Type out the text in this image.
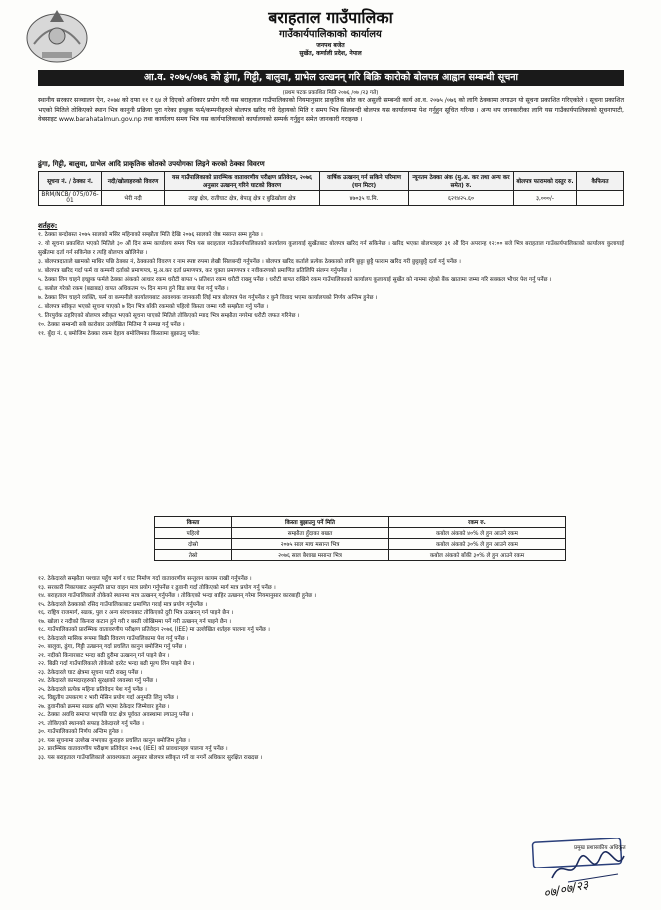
बराहताल गाउँपालिका
गाउँकार्यपालिकाको कार्यालय
जनपथ बजेत
सुर्खेत, कर्णाली प्रदेश, नेपाल
आ.व. २०७५/०७६ को ढुंगा, गिट्टी, बालुवा, ग्राभेल उत्खनन् गरि बिक्रि कारोको बोलपत्र आह्वान सम्बन्धी सूचना
(प्रथम पटक प्रकाशित मिति २०७६ /०७ /२३ गते)
स्थानीय सरकार सञ्चालन ऐन, २०७४ को दफा ११ र ६४ ले दिएको अधिकार प्रयोग गरी यस बराहताल गाउँपालिकाको नियमानुसार प्राकृतिक स्रोत कर असुली सम्बन्धी कार्य आ.व. २०७५ /०७६ को लागि ठेक्कामा लगाउन यो सूचना प्रकाशित गरिएकोले । सूचना प्रकाशित भएको मितिले तोकिएको स्थान भित्र कानुनी प्रक्रिया पुरा गरेका इच्छुक फर्म/कम्पनीहरुले बोलपत्र खरिद गरी देहायको मिति र समय भित्र सिलबन्दी बोलपत्र यस कार्यालयमा पेश गर्नुहुन सूचित गरिन्छ । अन्य थप जानकारीका लागि यस गाउँकार्यपालिकाको सूचनापाटी, वेबसाइट www.barahatalmun.gov.np तथा कार्यालय समय भित्र यस कार्यपालिकाको कार्यालयको सम्पर्क गर्नुहुन समेत जानकारी गराइन्छ ।
ढुंगा, गिट्टी, बालुवा, ग्राभेल आदि प्राकृतिक स्रोतको उपयोगका लिइने करको ठेक्का विवरण
सूचना नं. / ठेक्का नं.	नदी/खोलाहरुको विवरण	यस गाउँपालिकाको प्रारम्भिक वातावरणीय परीक्षण प्रतिवेदन, २०७६ अनुसार उत्खनन् गरिने घाटको विवरण	वार्षिक उत्खनन् गर्न सकिने परिमाण (घन मिटर)	न्यूनतम ठेक्का अंक (मु.अ. कर तथा अन्य कर समेत) रु.	बोलपत्र फारामको दस्तुर रु.	कैफियत
BRM/NCB/ 075/076-01	भेरी नदी	तरङ्ग क्षेत्र, रातीघाट क्षेत्र, बेपाड् क्षेत्र र बुढिखोला क्षेत्र	४७०३५ घ.मि.	६२१४२५.६०	३,०००/-	
शर्तहरु:
१. ठेक्का बन्दोबस्त २०७५ सालको मसिर महिनाको सम्झौता मिति देखि २०७६ सालको जेष्ठ मसान्त सम्म हुनेछ ।
२. यो सूचना प्रकाशित भएको मितिले ३० औं दिन सम्म कार्यालय समय भित्र यस बराहताल गाउँकार्यपालिकाको कार्यालय कुलायाई सुर्खेतबाट बोलपत्र खरिद गर्न सकिनेछ । खरिद भएका बोलपत्रहरु ३१ औं दिन अपरान्ह १२:०० बजे भित्र बराहताल गाउँकार्यपालिकाको कार्यालय कुलायाई सुर्खेतमा दर्ता गर्न सकिनेछ र त्यहि बोलपत्र खोलिनेछ ।
३. बोलपत्रदाताले खामको माथिर पछि ठेक्का नं, ठेक्काको विवरण र नाम स्पष्ट रुपमा लेखी सिलबन्दी गर्नुपर्नेछ । बोलपत्र खरिद कर्ताले प्रत्येक ठेक्काको लागि छुट्टा छुट्टै फाराम खरिद गरी छुट्टाछुट्टै दर्ता गर्नु पर्नेछ ।
४. बोलपत्र खरिद गर्दा फर्म वा कम्पनी दर्ताको प्रमाणपत्र, मु.अ.कर दर्ता प्रमाणपत्र, कर चुक्ता प्रमाणपत्र र नवीकरणको प्रमाणित प्रतिलिपि संलग्न गर्नुपर्नेछ ।
५. ठेक्का लिन चाहने इच्छुक फर्मले ठेक्का अंकको आधार रकम धरौटी बापत ५ प्रतिशत रकम धरौटी राख्नु पर्नेछ । धरौटी बापत राखिने रकम गाउँपालिकाको कार्यालय कुलायाई सुर्खेत को नाममा रहेको बैंक खातामा जम्मा गरि सक्कल भौचर पेश गर्नु पर्नेछ ।
६. कबोल गरेको रकम (बढाबढ) वापत अधिकतम ९५ दिन मान्य हुने बिड बण्ड पेश गर्नु पर्नेछ ।
७. ठेक्का लिन चाहने व्यक्ति, फर्म वा कम्पनीले कार्यालयबाट आवश्यक जानकारी लिई मात्र बोलपत्र पेश गर्नुपर्नेछ र कुनै विवाद भएमा कार्यालयको निर्णय अन्तिम हुनेछ ।
८. बोलपत्र स्वीकृत भएको सूचना पाएको ७ दिन भित्र बाँकी रकमको पहिलो किस्ता जम्मा गरी सम्झौता गर्नु पर्नेछ ।
९. तिरपुर्वक ठहरिएको बोलपत्र स्वीकृत भएको सूचना पाएको मितिले तोकिएको म्याद भित्र सम्झौता नगरेमा धरौटी जफत गरिनेछ ।
१०. ठेक्का सम्बन्धी सबै कारोबार उल्लेखित मितिमा नै सम्पन्न गर्नु पर्नेछ ।
११. बुँदा नं. ६ बमोजिम ठेक्का रकम देहाय बमोजिमका किस्तामा बुझाउनु पर्नेछ:
किस्ता	किस्ता बुझाउनु पर्ने मिति	रकम रु.
पहिलो	सम्झौता हुँदाका बखत	कबोल अंकको ४०% ले हुन आउने रकम
दोस्रो	२०७५ साल माघ मसान्त भित्र	कबोल अंकको ३०% ले हुन आउने रकम
तेस्रो	२०७६ साल बैशाख मसान्त भित्र	कबोल अंकको बाँकी ३०% ले हुन आउने रकम
१२. ठेकेदारले सम्झौता पश्चात पहुँच मार्ग र घाट निर्माण गर्दा वातावरणीय सन्तुलन कायम राखी गर्नुपर्नेछ ।
१३. सरकारी निकायबाट अनुमति प्राप्त वाहन मात्र प्रयोग गर्नुपर्नेछ र ढुवानी गर्दा तोकिएको मार्ग मात्र प्रयोग गर्नु पर्नेछ ।
१४. बराहताल गाउँपालिकाले तोकेको स्थानमा मात्र उत्खनन् गर्नुपर्नेछ । तोकिएको भन्दा बाहिर उत्खनन् गरेमा नियमानुसार कारबाही हुनेछ ।
१५. ठेकेदारले ठेक्काको रसिद गाउँपालिकाबाट प्रमाणित गराई मात्र प्रयोग गर्नुपर्नेछ ।
१६. राष्ट्रिय राजमार्ग, सडक, पुल र अन्य संरचनाबाट तोकिएको दुरी भित्र उत्खनन् गर्न पाइने छैन ।
१७. खोला र नदीको किनारा कटान हुने गरी र बस्ती जोखिममा पर्ने गरी उत्खनन् गर्न पाइने छैन ।
१८. गाउँपालिकाको प्रारम्भिक वातावरणीय परीक्षण प्रतिवेदन २०७६ (IEE) मा उल्लेखित शर्तहरु पालना गर्नु पर्नेछ ।
१९. ठेकेदारले मासिक रूपमा बिक्री विवरण गाउँपालिकामा पेश गर्नु पर्नेछ ।
२०. बालुवा, ढुंगा, गिट्टी उत्खनन् गर्दा प्रचलित कानुन बमोजिम गर्नु पर्नेछ ।
२१. नदीको किनारबाट भन्दा बढी दुरीमा उत्खनन् गर्न पाइने छैन ।
२२. बिक्री गर्दा गाउँपालिकाले तोकेको दररेट भन्दा बढी मूल्य लिन पाइने छैन ।
२३. ठेकेदारले घाट क्षेत्रमा सूचना पाटी राख्नु पर्नेछ ।
२४. ठेकेदारले कामदारहरुको सुरक्षाको व्यवस्था गर्नु पर्नेछ ।
२५. ठेकेदारले प्रत्येक महिना प्रतिवेदन पेश गर्नु पर्नेछ ।
२६. विद्युतीय उपकरण र भारी मेसिन प्रयोग गर्दा अनुमति लिनु पर्नेछ ।
२७. ढुवानीको क्रममा सडक क्षति भएमा ठेकेदार जिम्मेवार हुनेछ ।
२८. ठेक्का अवधि समाप्त भएपछि घाट क्षेत्र पूर्ववत अवस्थामा ल्याउनु पर्नेछ ।
२९. तोकिएको स्थानको सफाइ ठेकेदारले गर्नु पर्नेछ ।
३०. गाउँपालिकाको निर्णय अन्तिम हुनेछ ।
३१. यस सूचनामा उल्लेख नभएका कुराहरु प्रचलित कानुन बमोजिम हुनेछ ।
३२. प्रारम्भिक वातावरणीय परीक्षण प्रतिवेदन २०७६ (IEE) को प्रावधानहरु पालना गर्नु पर्नेछ ।
३३. यस बराहताल गाउँपालिकाले आवश्यकता अनुसार बोलपत्र स्वीकृत गर्ने वा नगर्ने अधिकार सुरक्षित राख्दछ ।
प्रमुख प्रशासकीय अधिकृत
०७/०७/२३
